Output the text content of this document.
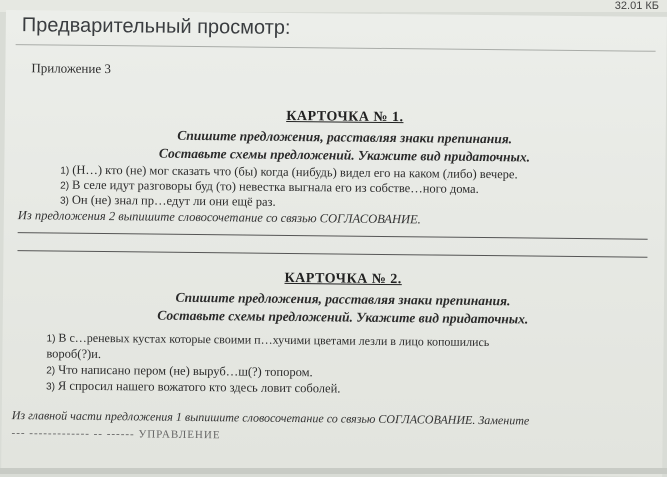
32.01 КБ
Предварительный просмотр:
Приложение 3
КАРТОЧКА № 1.
Спишите предложения, расставляя знаки препинания.
Составьте схемы предложений. Укажите вид придаточных.
1) (Н…) кто (не) мог сказать что (бы) когда (нибудь) видел его на каком (либо) вечере.
2) В селе идут разговоры буд (то) невестка выгнала его из собстве…ного дома.
3) Он (не) знал пр…едут ли они ещё раз.
Из предложения 2 выпишите словосочетание со связью СОГЛАСОВАНИЕ.
КАРТОЧКА № 2.
Спишите предложения, расставляя знаки препинания.
Составьте схемы предложений. Укажите вид придаточных.
1) В с…реневых кустах которые своими п…хучими цветами лезли в лицо копошились
вороб(?)и.
2) Что написано пером (не) выруб…ш(?) топором.
3) Я спросил нашего вожатого кто здесь ловит соболей.
Из главной части предложения 1 выпишите словосочетание со связью СОГЛАСОВАНИЕ. Замените
--- ------------- -- ------ УПРАВЛЕНИЕ
